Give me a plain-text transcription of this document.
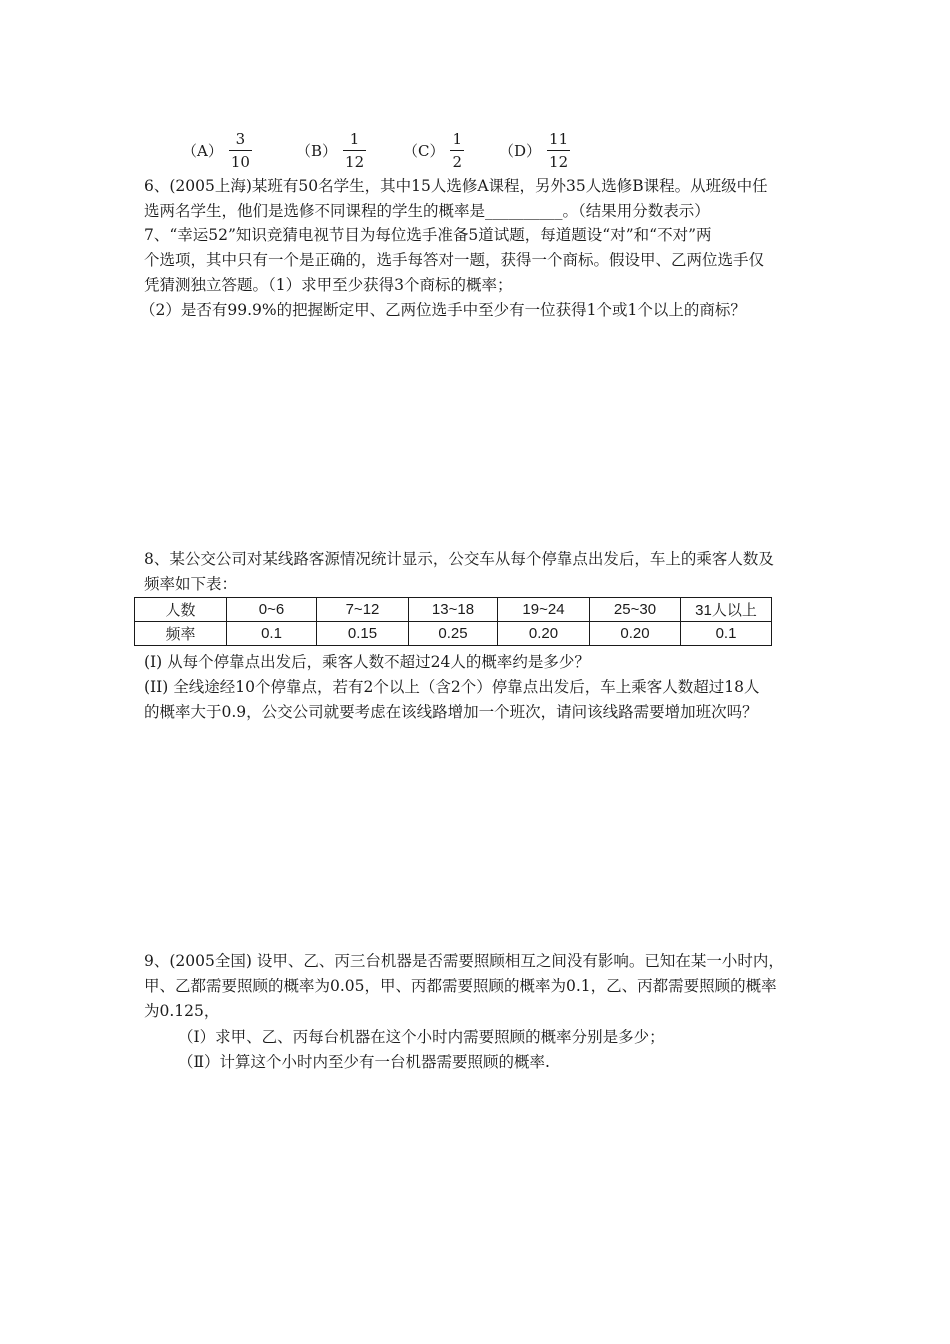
$(A) \frac{3}{10}$	$(B) \frac{1}{12} (C) \frac{1}{2} (D) \frac{11}{12}$
6、(2005上海)某班有50名学生，其中15人选修A课程，另外35人选修B课程。从班级中任
选两名学生，他们是选修不同课程的学生的概率是__________。（结果用分数表示）
7、“幸运52”知识竞猜电视节目为每位选手准备5道试题，每道题设“对”和“不对”两
个选项，其中只有一个是正确的，选手每答对一题，获得一个商标。假设甲、乙两位选手仅
凭猜测独立答题。（1）求甲至少获得3个商标的概率；
（2）是否有99.9%的把握断定甲、乙两位选手中至少有一位获得1个或1个以上的商标？
8、某公交公司对某线路客源情况统计显示，公交车从每个停靠点出发后，车上的乘客人数及
频率如下表：
人数	0~6	7~12	13~18	19~24	25~30	31人以上
频率	0.1	0.15	0.25	0.20	0.20	0.1
(I) 从每个停靠点出发后，乘客人数不超过24人的概率约是多少？
(II) 全线途经10个停靠点，若有2个以上（含2个）停靠点出发后，车上乘客人数超过18人
的概率大于0.9，公交公司就要考虑在该线路增加一个班次，请问该线路需要增加班次吗？
9、(2005全国) 设甲、乙、丙三台机器是否需要照顾相互之间没有影响。已知在某一小时内，
甲、乙都需要照顾的概率为0.05，甲、丙都需要照顾的概率为0.1，乙、丙都需要照顾的概率
为0.125，
（Ⅰ）求甲、乙、丙每台机器在这个小时内需要照顾的概率分别是多少；
（Ⅱ）计算这个小时内至少有一台机器需要照顾的概率.
